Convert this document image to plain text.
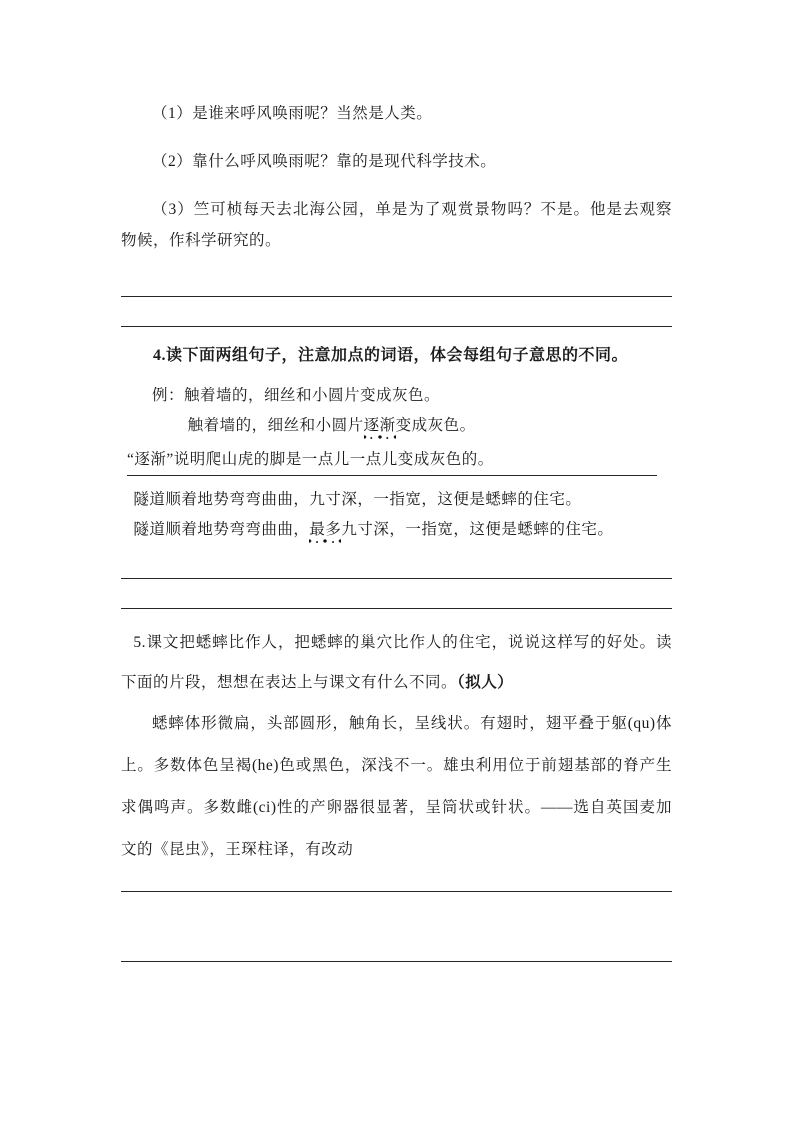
（1）是谁来呼风唤雨呢？当然是人类。

（2）靠什么呼风唤雨呢？靠的是现代科学技术。

（3）竺可桢每天去北海公园，单是为了观赏景物吗？不是。他是去观察物候，作科学研究的。

4.读下面两组句子，注意加点的词语，体会每组句子意思的不同。

例：触着墙的，细丝和小圆片变成灰色。

触着墙的，细丝和小圆片逐渐变成灰色。

“逐渐”说明爬山虎的脚是一点儿一点儿变成灰色的。

隧道顺着地势弯弯曲曲，九寸深，一指宽，这便是蟋蟀的住宅。

隧道顺着地势弯弯曲曲，最多九寸深，一指宽，这便是蟋蟀的住宅。

5.课文把蟋蟀比作人，把蟋蟀的巢穴比作人的住宅，说说这样写的好处。读下面的片段，想想在表达上与课文有什么不同。（拟人）

蟋蟀体形微扁，头部圆形，触角长，呈线状。有翅时，翅平叠于躯(qu)体上。多数体色呈褐(he)色或黑色，深浅不一。雄虫利用位于前翅基部的脊产生求偶鸣声。多数雌(ci)性的产卵器很显著，呈筒状或针状。——选自英国麦加文的《昆虫》，王琛柱译，有改动
